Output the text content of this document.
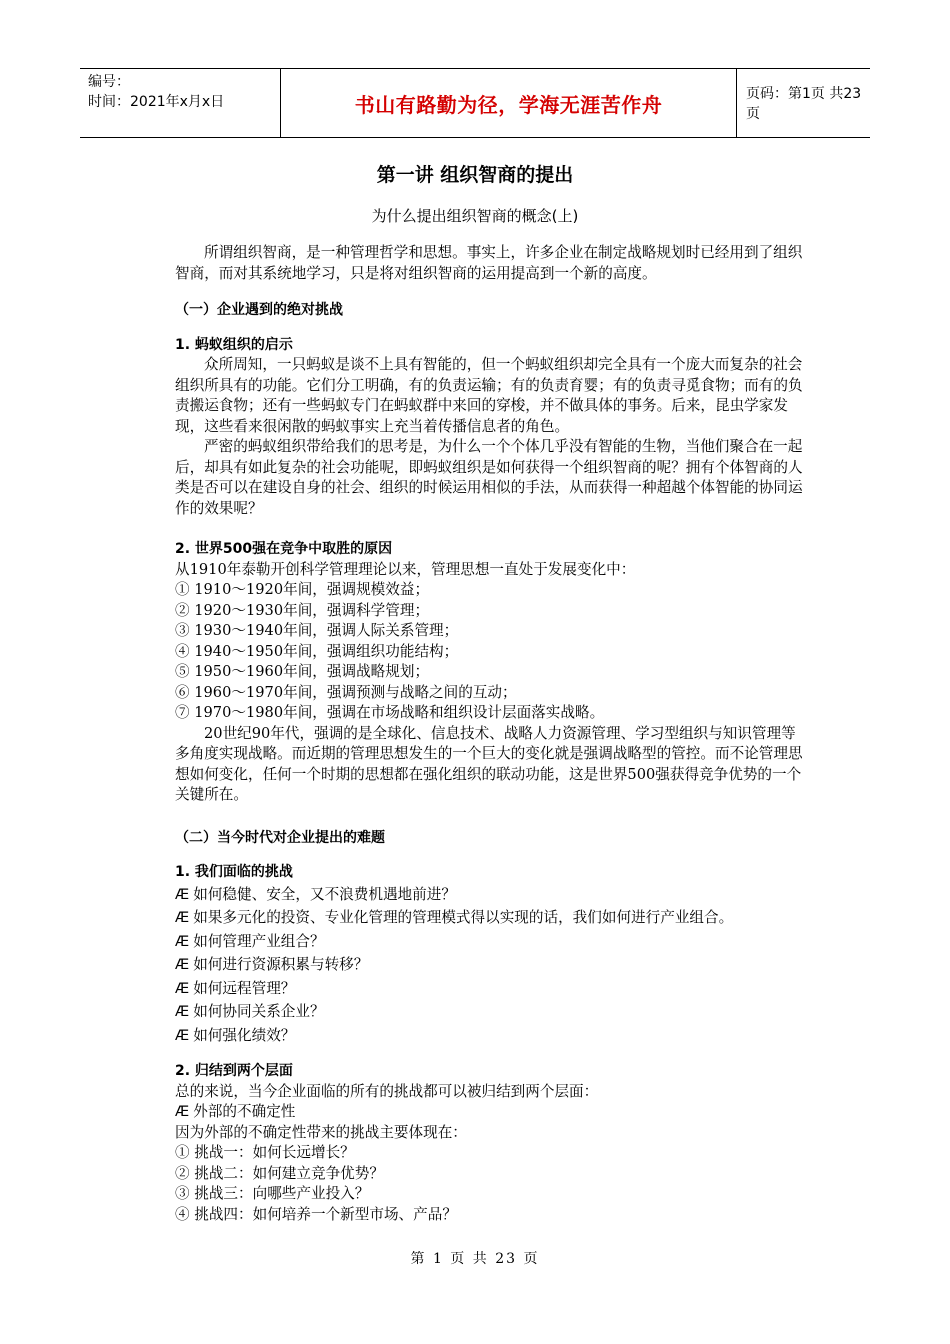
编号：
时间：2021年x月x日	书山有路勤为径，学海无涯苦作舟	页码：第1页 共23页
第一讲 组织智商的提出
为什么提出组织智商的概念(上)

所谓组织智商，是一种管理哲学和思想。事实上，许多企业在制定战略规划时已经用到了组织智商，而对其系统地学习，只是将对组织智商的运用提高到一个新的高度。

（一）企业遇到的绝对挑战
1. 蚂蚁组织的启示

众所周知，一只蚂蚁是谈不上具有智能的，但一个蚂蚁组织却完全具有一个庞大而复杂的社会组织所具有的功能。它们分工明确，有的负责运输；有的负责育婴；有的负责寻觅食物；而有的负责搬运食物；还有一些蚂蚁专门在蚂蚁群中来回的穿梭，并不做具体的事务。后来，昆虫学家发现，这些看来很闲散的蚂蚁事实上充当着传播信息者的角色。

严密的蚂蚁组织带给我们的思考是，为什么一个个体几乎没有智能的生物，当他们聚合在一起后，却具有如此复杂的社会功能呢，即蚂蚁组织是如何获得一个组织智商的呢？拥有个体智商的人类是否可以在建设自身的社会、组织的时候运用相似的手法，从而获得一种超越个体智能的协同运作的效果呢？

2. 世界500强在竞争中取胜的原因

从1910年泰勒开创科学管理理论以来，管理思想一直处于发展变化中：

① 1910～1920年间，强调规模效益；

② 1920～1930年间，强调科学管理；

③ 1930～1940年间，强调人际关系管理；

④ 1940～1950年间，强调组织功能结构；

⑤ 1950～1960年间，强调战略规划；

⑥ 1960～1970年间，强调预测与战略之间的互动；

⑦ 1970～1980年间，强调在市场战略和组织设计层面落实战略。

20世纪90年代，强调的是全球化、信息技术、战略人力资源管理、学习型组织与知识管理等多角度实现战略。而近期的管理思想发生的一个巨大的变化就是强调战略型的管控。而不论管理思想如何变化，任何一个时期的思想都在强化组织的联动功能，这是世界500强获得竞争优势的一个关键所在。

（二）当今时代对企业提出的难题
1. 我们面临的挑战

Æ 如何稳健、安全，又不浪费机遇地前进？

Æ 如果多元化的投资、专业化管理的管理模式得以实现的话，我们如何进行产业组合。

Æ 如何管理产业组合？

Æ 如何进行资源积累与转移？

Æ 如何远程管理？

Æ 如何协同关系企业？

Æ 如何强化绩效？

2. 归结到两个层面

总的来说，当今企业面临的所有的挑战都可以被归结到两个层面：

Æ 外部的不确定性

因为外部的不确定性带来的挑战主要体现在：

① 挑战一：如何长远增长？

② 挑战二：如何建立竞争优势？

③ 挑战三：向哪些产业投入？

④ 挑战四：如何培养一个新型市场、产品？

第 1 页 共 23 页
